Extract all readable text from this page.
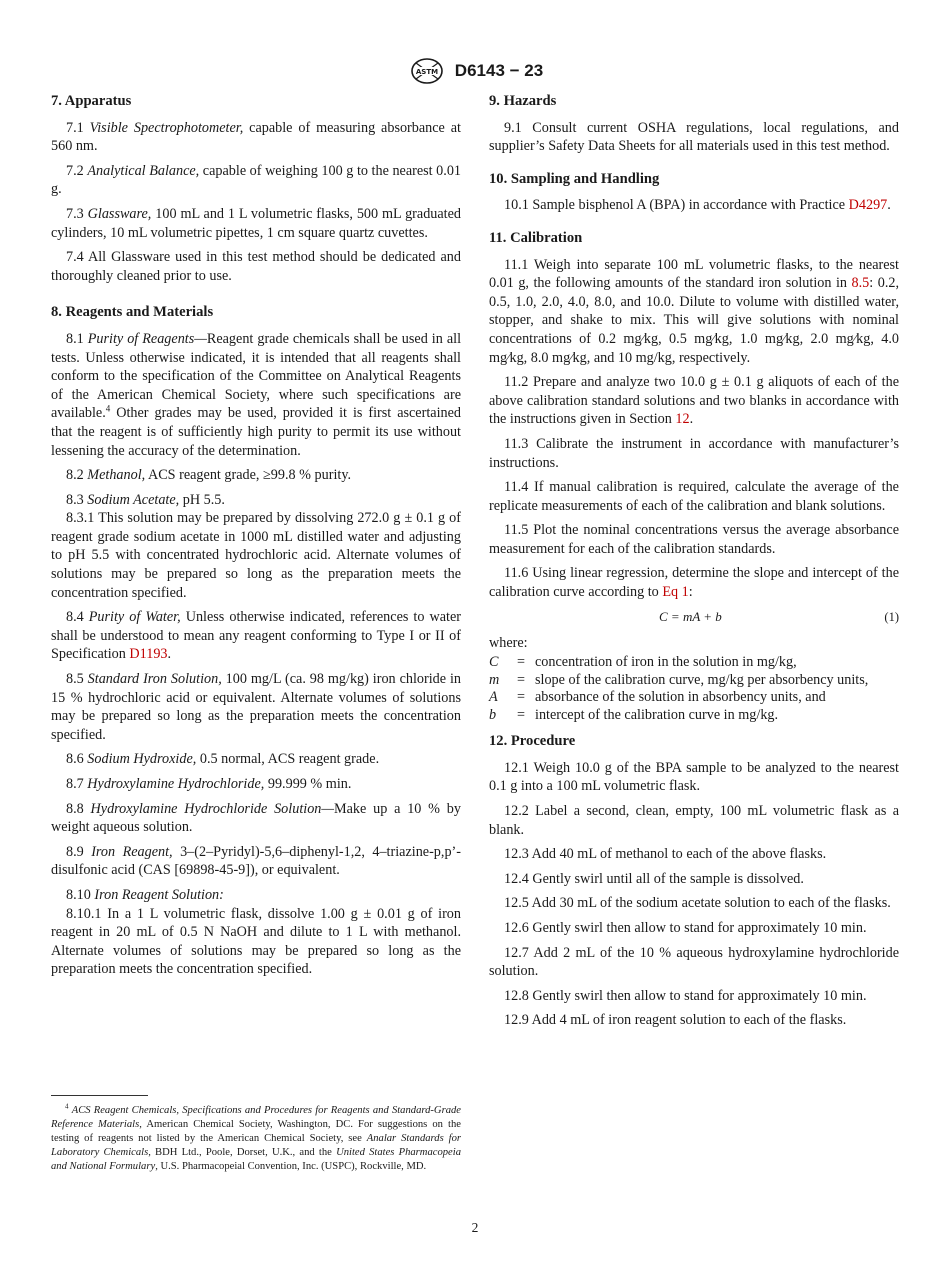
ASTM D6143 − 23
7. Apparatus

7.1 Visible Spectrophotometer, capable of measuring absorbance at 560 nm.

7.2 Analytical Balance, capable of weighing 100 g to the nearest 0.01 g.

7.3 Glassware, 100 mL and 1 L volumetric flasks, 500 mL graduated cylinders, 10 mL volumetric pipettes, 1 cm square quartz cuvettes.

7.4 All Glassware used in this test method should be dedicated and thoroughly cleaned prior to use.

8. Reagents and Materials

8.1 Purity of Reagents—Reagent grade chemicals shall be used in all tests. Unless otherwise indicated, it is intended that all reagents shall conform to the specification of the Committee on Analytical Reagents of the American Chemical Society, where such specifications are available.$^4$ Other grades may be used, provided it is first ascertained that the reagent is of sufficiently high purity to permit its use without lessening the accuracy of the determination.

8.2 Methanol, ACS reagent grade, ≥99.8 % purity.

8.3 Sodium Acetate, pH 5.5.

8.3.1 This solution may be prepared by dissolving 272.0 g ± 0.1 g of reagent grade sodium acetate in 1000 mL distilled water and adjusting to pH 5.5 with concentrated hydrochloric acid. Alternate volumes of solutions may be prepared so long as the preparation meets the concentration specified.

8.4 Purity of Water, Unless otherwise indicated, references to water shall be understood to mean any reagent conforming to Type I or II of Specification D1193.

8.5 Standard Iron Solution, 100 mg/L (ca. 98 mg/kg) iron chloride in 15 % hydrochloric acid or equivalent. Alternate volumes of solutions may be prepared so long as the preparation meets the concentration specified.

8.6 Sodium Hydroxide, 0.5 normal, ACS reagent grade.

8.7 Hydroxylamine Hydrochloride, 99.999 % min.

8.8 Hydroxylamine Hydrochloride Solution—Make up a 10 % by weight aqueous solution.

8.9 Iron Reagent, 3–(2–Pyridyl)-5,6–diphenyl-1,2, 4–triazine-p,p’-disulfonic acid (CAS [69898-45-9]), or equivalent.

8.10 Iron Reagent Solution:

8.10.1 In a 1 L volumetric flask, dissolve 1.00 g ± 0.01 g of iron reagent in 20 mL of 0.5 N NaOH and dilute to 1 L with methanol. Alternate volumes of solutions may be prepared so long as the preparation meets the concentration specified.

$^4$ ACS Reagent Chemicals, Specifications and Procedures for Reagents and Standard-Grade Reference Materials, American Chemical Society, Washington, DC. For suggestions on the testing of reagents not listed by the American Chemical Society, see Analar Standards for Laboratory Chemicals, BDH Ltd., Poole, Dorset, U.K., and the United States Pharmacopeia and National Formulary, U.S. Pharmacopeial Convention, Inc. (USPC), Rockville, MD.
9. Hazards

9.1 Consult current OSHA regulations, local regulations, and supplier’s Safety Data Sheets for all materials used in this test method.

10. Sampling and Handling

10.1 Sample bisphenol A (BPA) in accordance with Practice D4297.

11. Calibration

11.1 Weigh into separate 100 mL volumetric flasks, to the nearest 0.01 g, the following amounts of the standard iron solution in 8.5: 0.2, 0.5, 1.0, 2.0, 4.0, 8.0, and 10.0. Dilute to volume with distilled water, stopper, and shake to mix. This will give solutions with nominal concentrations of 0.2 mg⁄kg, 0.5 mg⁄kg, 1.0 mg⁄kg, 2.0 mg⁄kg, 4.0 mg⁄kg, 8.0 mg⁄kg, and 10 mg/kg, respectively.

11.2 Prepare and analyze two 10.0 g ± 0.1 g aliquots of each of the above calibration standard solutions and two blanks in accordance with the instructions given in Section 12.

11.3 Calibrate the instrument in accordance with manufacturer’s instructions.

11.4 If manual calibration is required, calculate the average of the replicate measurements of each of the calibration and blank solutions.

11.5 Plot the nominal concentrations versus the average absorbance measurement for each of the calibration standards.

11.6 Using linear regression, determine the slope and intercept of the calibration curve according to Eq 1:

C = mA + b	(1)

where:

C	= concentration of iron in the solution in mg/kg,
m	= slope of the calibration curve, mg/kg per absorbency units,
A	= absorbance of the solution in absorbency units, and
b	= intercept of the calibration curve in mg/kg.
12. Procedure

12.1 Weigh 10.0 g of the BPA sample to be analyzed to the nearest 0.1 g into a 100 mL volumetric flask.

12.2 Label a second, clean, empty, 100 mL volumetric flask as a blank.

12.3 Add 40 mL of methanol to each of the above flasks.

12.4 Gently swirl until all of the sample is dissolved.

12.5 Add 30 mL of the sodium acetate solution to each of the flasks.

12.6 Gently swirl then allow to stand for approximately 10 min.

12.7 Add 2 mL of the 10 % aqueous hydroxylamine hydrochloride solution.

12.8 Gently swirl then allow to stand for approximately 10 min.

12.9 Add 4 mL of iron reagent solution to each of the flasks.

2
